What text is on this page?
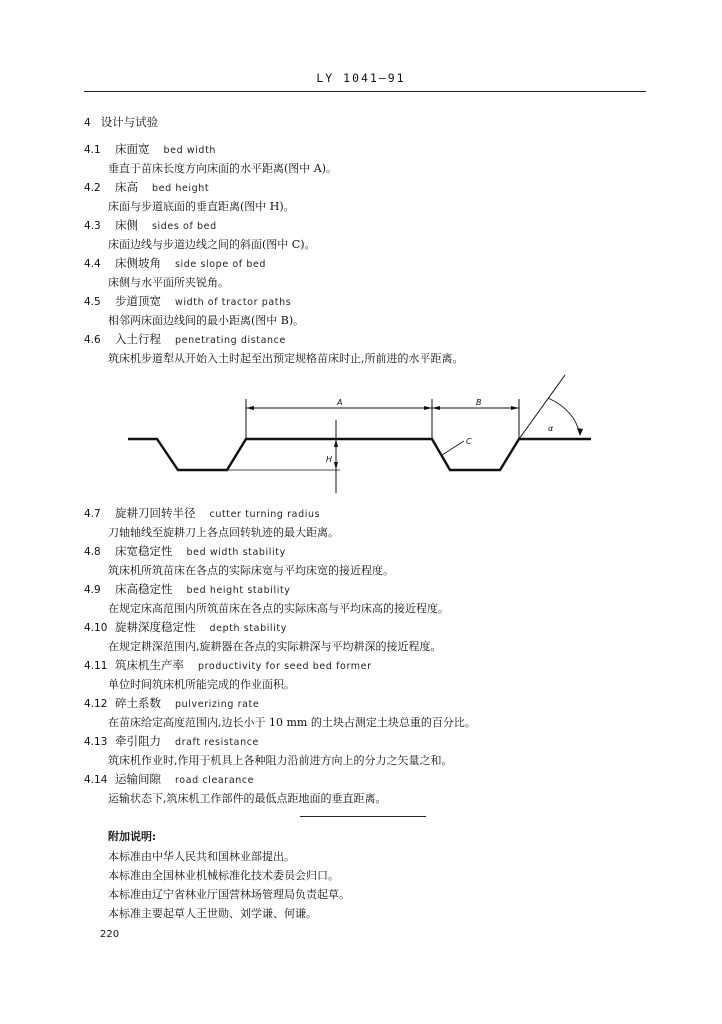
LY 1041—91
4 设计与试验
4.1 床面宽 bed width
垂直于苗床长度方向床面的水平距离(图中 A)。
4.2 床高 bed height
床面与步道底面的垂直距离(图中 H)。
4.3 床侧 sides of bed
床面边线与步道边线之间的斜面(图中 C)。
4.4 床侧坡角 side slope of bed
床侧与水平面所夹锐角。
4.5 步道顶宽 width of tractor paths
相邻两床面边线间的最小距离(图中 B)。
4.6 入土行程 penetrating distance
筑床机步道犁从开始入土时起至出预定规格苗床时止,所前进的水平距离。
A	B
C
H
α
4.7 旋耕刀回转半径 cutter turning radius
刀轴轴线至旋耕刀上各点回转轨迹的最大距离。
4.8 床宽稳定性 bed width stability
筑床机所筑苗床在各点的实际床宽与平均床宽的接近程度。
4.9 床高稳定性 bed height stability
在规定床高范围内所筑苗床在各点的实际床高与平均床高的接近程度。
4.10 旋耕深度稳定性 depth stability
在规定耕深范围内,旋耕器在各点的实际耕深与平均耕深的接近程度。
4.11 筑床机生产率 productivity for seed bed former
单位时间筑床机所能完成的作业面积。
4.12 碎土系数 pulverizing rate
在苗床给定高度范围内,边长小于 10 mm 的土块占测定土块总重的百分比。
4.13 牵引阻力 draft resistance
筑床机作业时,作用于机具上各种阻力沿前进方向上的分力之矢量之和。
4.14 运输间隙 road clearance
运输状态下,筑床机工作部件的最低点距地面的垂直距离。
附加说明:
本标准由中华人民共和国林业部提出。
本标准由全国林业机械标准化技术委员会归口。
本标准由辽宁省林业厅国营林场管理局负责起草。
本标准主要起草人王世勋、刘学谦、何谦。
220
